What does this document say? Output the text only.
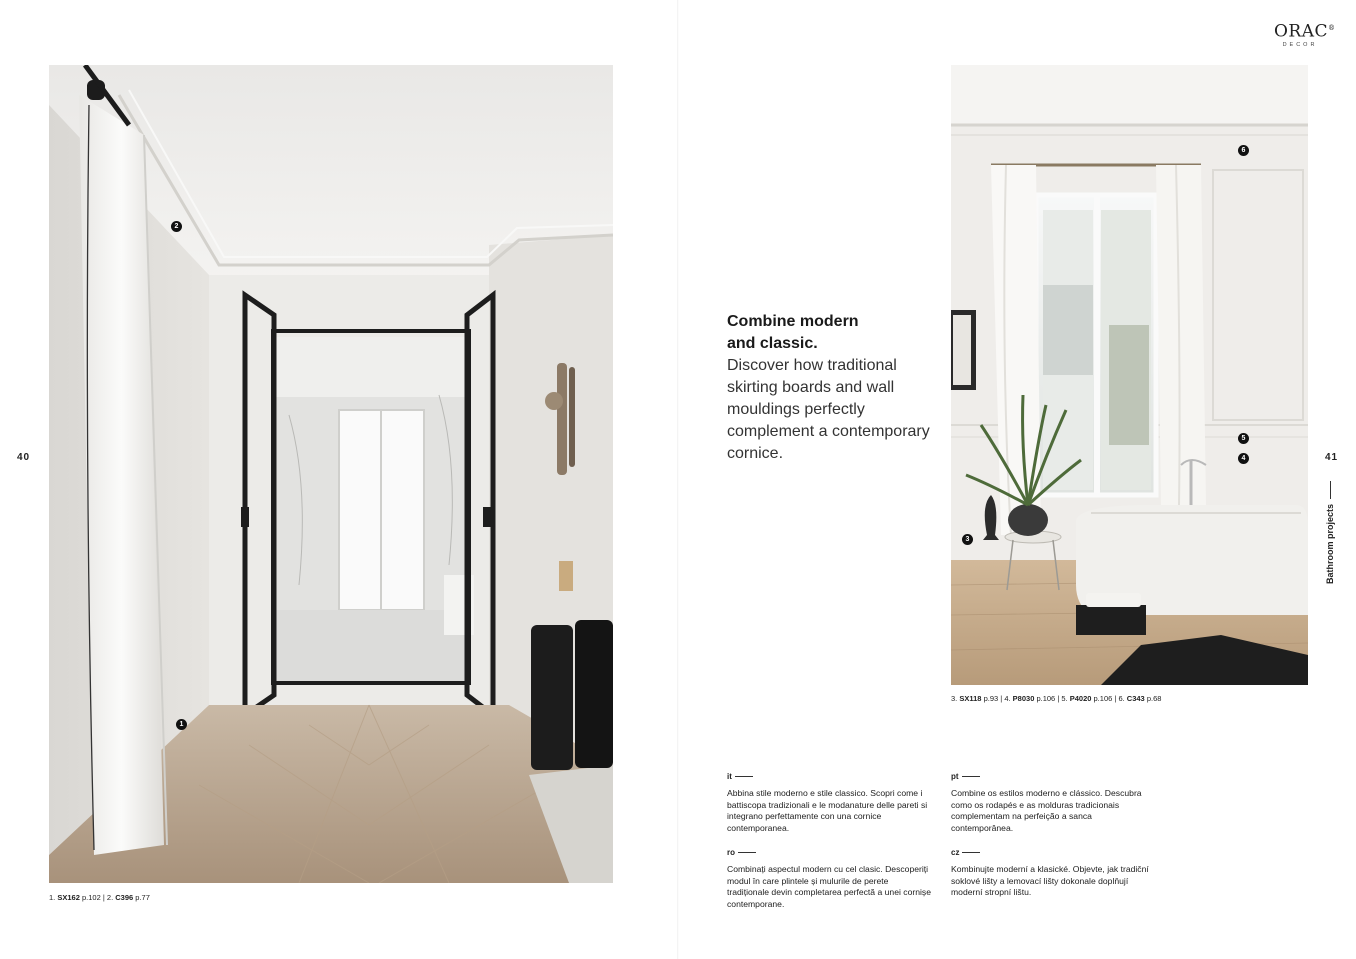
ORAC®
DECOR
40	41
2
1
1. SX162 p.102 | 2. C396 p.77
Combine modern
and classic.
Discover how traditional
skirting boards and wall
mouldings perfectly
complement a contemporary
cornice.
6
5
4
3
3. SX118 p.93 | 4. P8030 p.106 | 5. P4020 p.106 | 6. C343 p.68
Bathroom projects
it
Abbina stile moderno e stile classico. Scopri come i battiscopa tradizionali e le modanature delle pareti si integrano perfettamente con una cornice contemporanea.
pt
Combine os estilos moderno e clássico. Descubra como os rodapés e as molduras tradicionais complementam na perfeição a sanca contemporânea.
ro
Combinați aspectul modern cu cel clasic. Descoperiți modul în care plintele și mulurile de perete tradiționale devin completarea perfectă a unei cornișe contemporane.
cz
Kombinujte moderní a klasické. Objevte, jak tradiční soklové lišty a lemovací lišty dokonale doplňují moderní stropní lištu.
